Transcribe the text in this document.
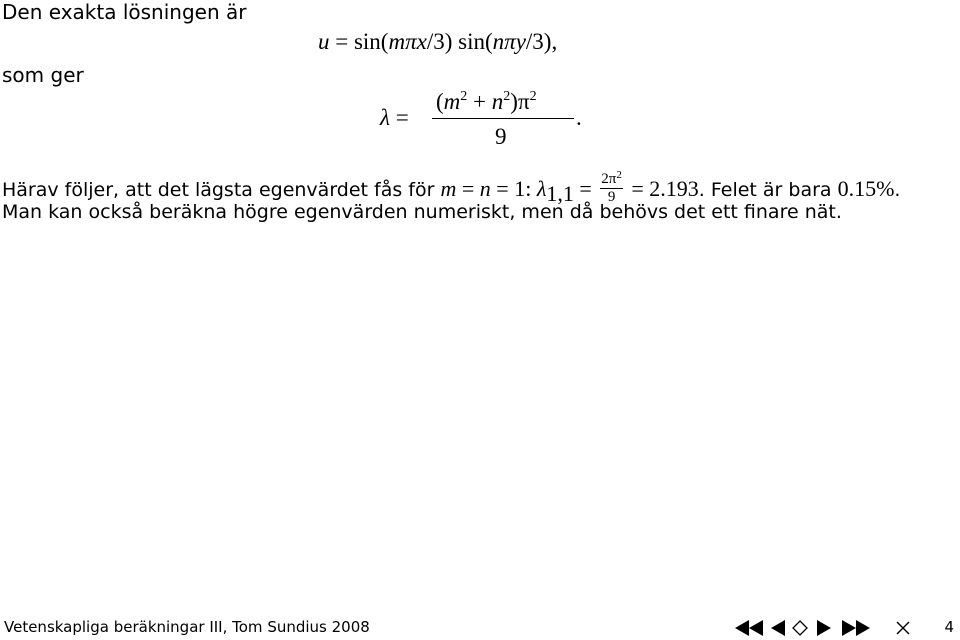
Den exakta lösningen är
u = sin(mπx/3) sin(nπy/3),
som ger
λ =
$(m^2 + n^2)\pi^2$
9
.
Härav följer, att det lägsta egenvärdet fås för m = n = 1: $\lambda 1,1 = \frac{2\pi^2}{9} = 2.193$. Felet är bara 0.15%.
Man kan också beräkna högre egenvärden numeriskt, men då behövs det ett finare nät.
Vetenskapliga beräkningar III, Tom Sundius 2008	4
